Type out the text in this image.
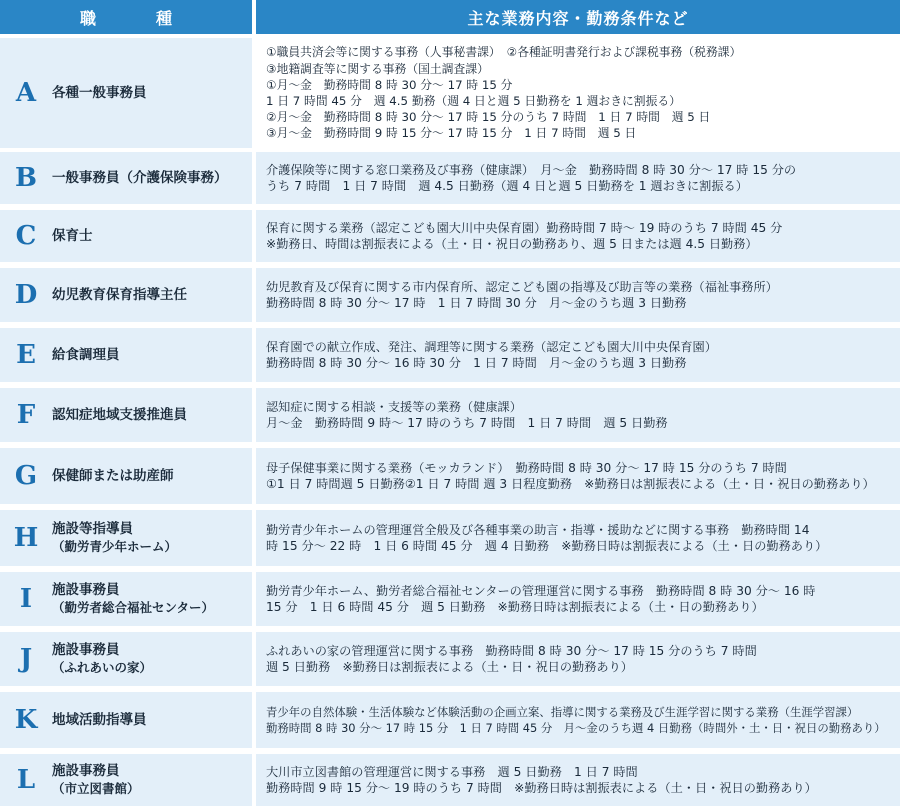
職　種	主な業務内容・勤務条件など
A	各種一般事務員
①職員共済会等に関する事務（人事秘書課）　②各種証明書発行および課税事務（税務課）
③地籍調査等に関する事務（国土調査課）
①月～金　勤務時間 8 時 30 分～ 17 時 15 分
1 日 7 時間 45 分　週 4.5 勤務（週 4 日と週 5 日勤務を 1 週おきに割振る）
②月～金　勤務時間 8 時 30 分～ 17 時 15 分のうち 7 時間　1 日 7 時間　週 5 日
③月～金　勤務時間 9 時 15 分～ 17 時 15 分　1 日 7 時間　週 5 日
B	一般事務員（介護保険事務）	介護保険等に関する窓口業務及び事務（健康課）　月～金　勤務時間 8 時 30 分～ 17 時 15 分の
うち 7 時間　1 日 7 時間　週 4.5 日勤務（週 4 日と週 5 日勤務を 1 週おきに割振る）
C	保育士	保育に関する業務（認定こども園大川中央保育園）勤務時間 7 時～ 19 時のうち 7 時間 45 分
※勤務日、時間は割振表による（土・日・祝日の勤務あり、週 5 日または週 4.5 日勤務）
D	幼児教育保育指導主任	幼児教育及び保育に関する市内保育所、認定こども園の指導及び助言等の業務（福祉事務所）
勤務時間 8 時 30 分～ 17 時　1 日 7 時間 30 分　月～金のうち週 3 日勤務
E	給食調理員	保育園での献立作成、発注、調理等に関する業務（認定こども園大川中央保育園）
勤務時間 8 時 30 分～ 16 時 30 分　1 日 7 時間　月～金のうち週 3 日勤務
F	認知症地域支援推進員	認知症に関する相談・支援等の業務（健康課）
月～金　勤務時間 9 時～ 17 時のうち 7 時間　1 日 7 時間　週 5 日勤務
G	保健師または助産師	母子保健事業に関する業務（モッカランド）　勤務時間 8 時 30 分～ 17 時 15 分のうち 7 時間
①1 日 7 時間週 5 日勤務②1 日 7 時間 週 3 日程度勤務　※勤務日は割振表による（土・日・祝日の勤務あり）
H	施設等指導員
（勤労青少年ホーム）
勤労青少年ホームの管理運営全般及び各種事業の助言・指導・援助などに関する事務　勤務時間 14
時 15 分～ 22 時　1 日 6 時間 45 分　週 4 日勤務　※勤務日時は割振表による（土・日の勤務あり）
I	施設事務員
（勤労者総合福祉センター）
勤労青少年ホーム、勤労者総合福祉センターの管理運営に関する事務　勤務時間 8 時 30 分～ 16 時
15 分　1 日 6 時間 45 分　週 5 日勤務　※勤務日時は割振表による（土・日の勤務あり）
J	施設事務員
（ふれあいの家）
ふれあいの家の管理運営に関する事務　勤務時間 8 時 30 分～ 17 時 15 分のうち 7 時間
週 5 日勤務　※勤務日は割振表による（土・日・祝日の勤務あり）
K	地域活動指導員	青少年の自然体験・生活体験など体験活動の企画立案、指導に関する業務及び生涯学習に関する業務（生涯学習課）
勤務時間 8 時 30 分～ 17 時 15 分　1 日 7 時間 45 分　月～金のうち週 4 日勤務（時間外・土・日・祝日の勤務あり）
L	施設事務員
（市立図書館）
大川市立図書館の管理運営に関する事務　週 5 日勤務　1 日 7 時間
勤務時間 9 時 15 分～ 19 時のうち 7 時間　※勤務日時は割振表による（土・日・祝日の勤務あり）
